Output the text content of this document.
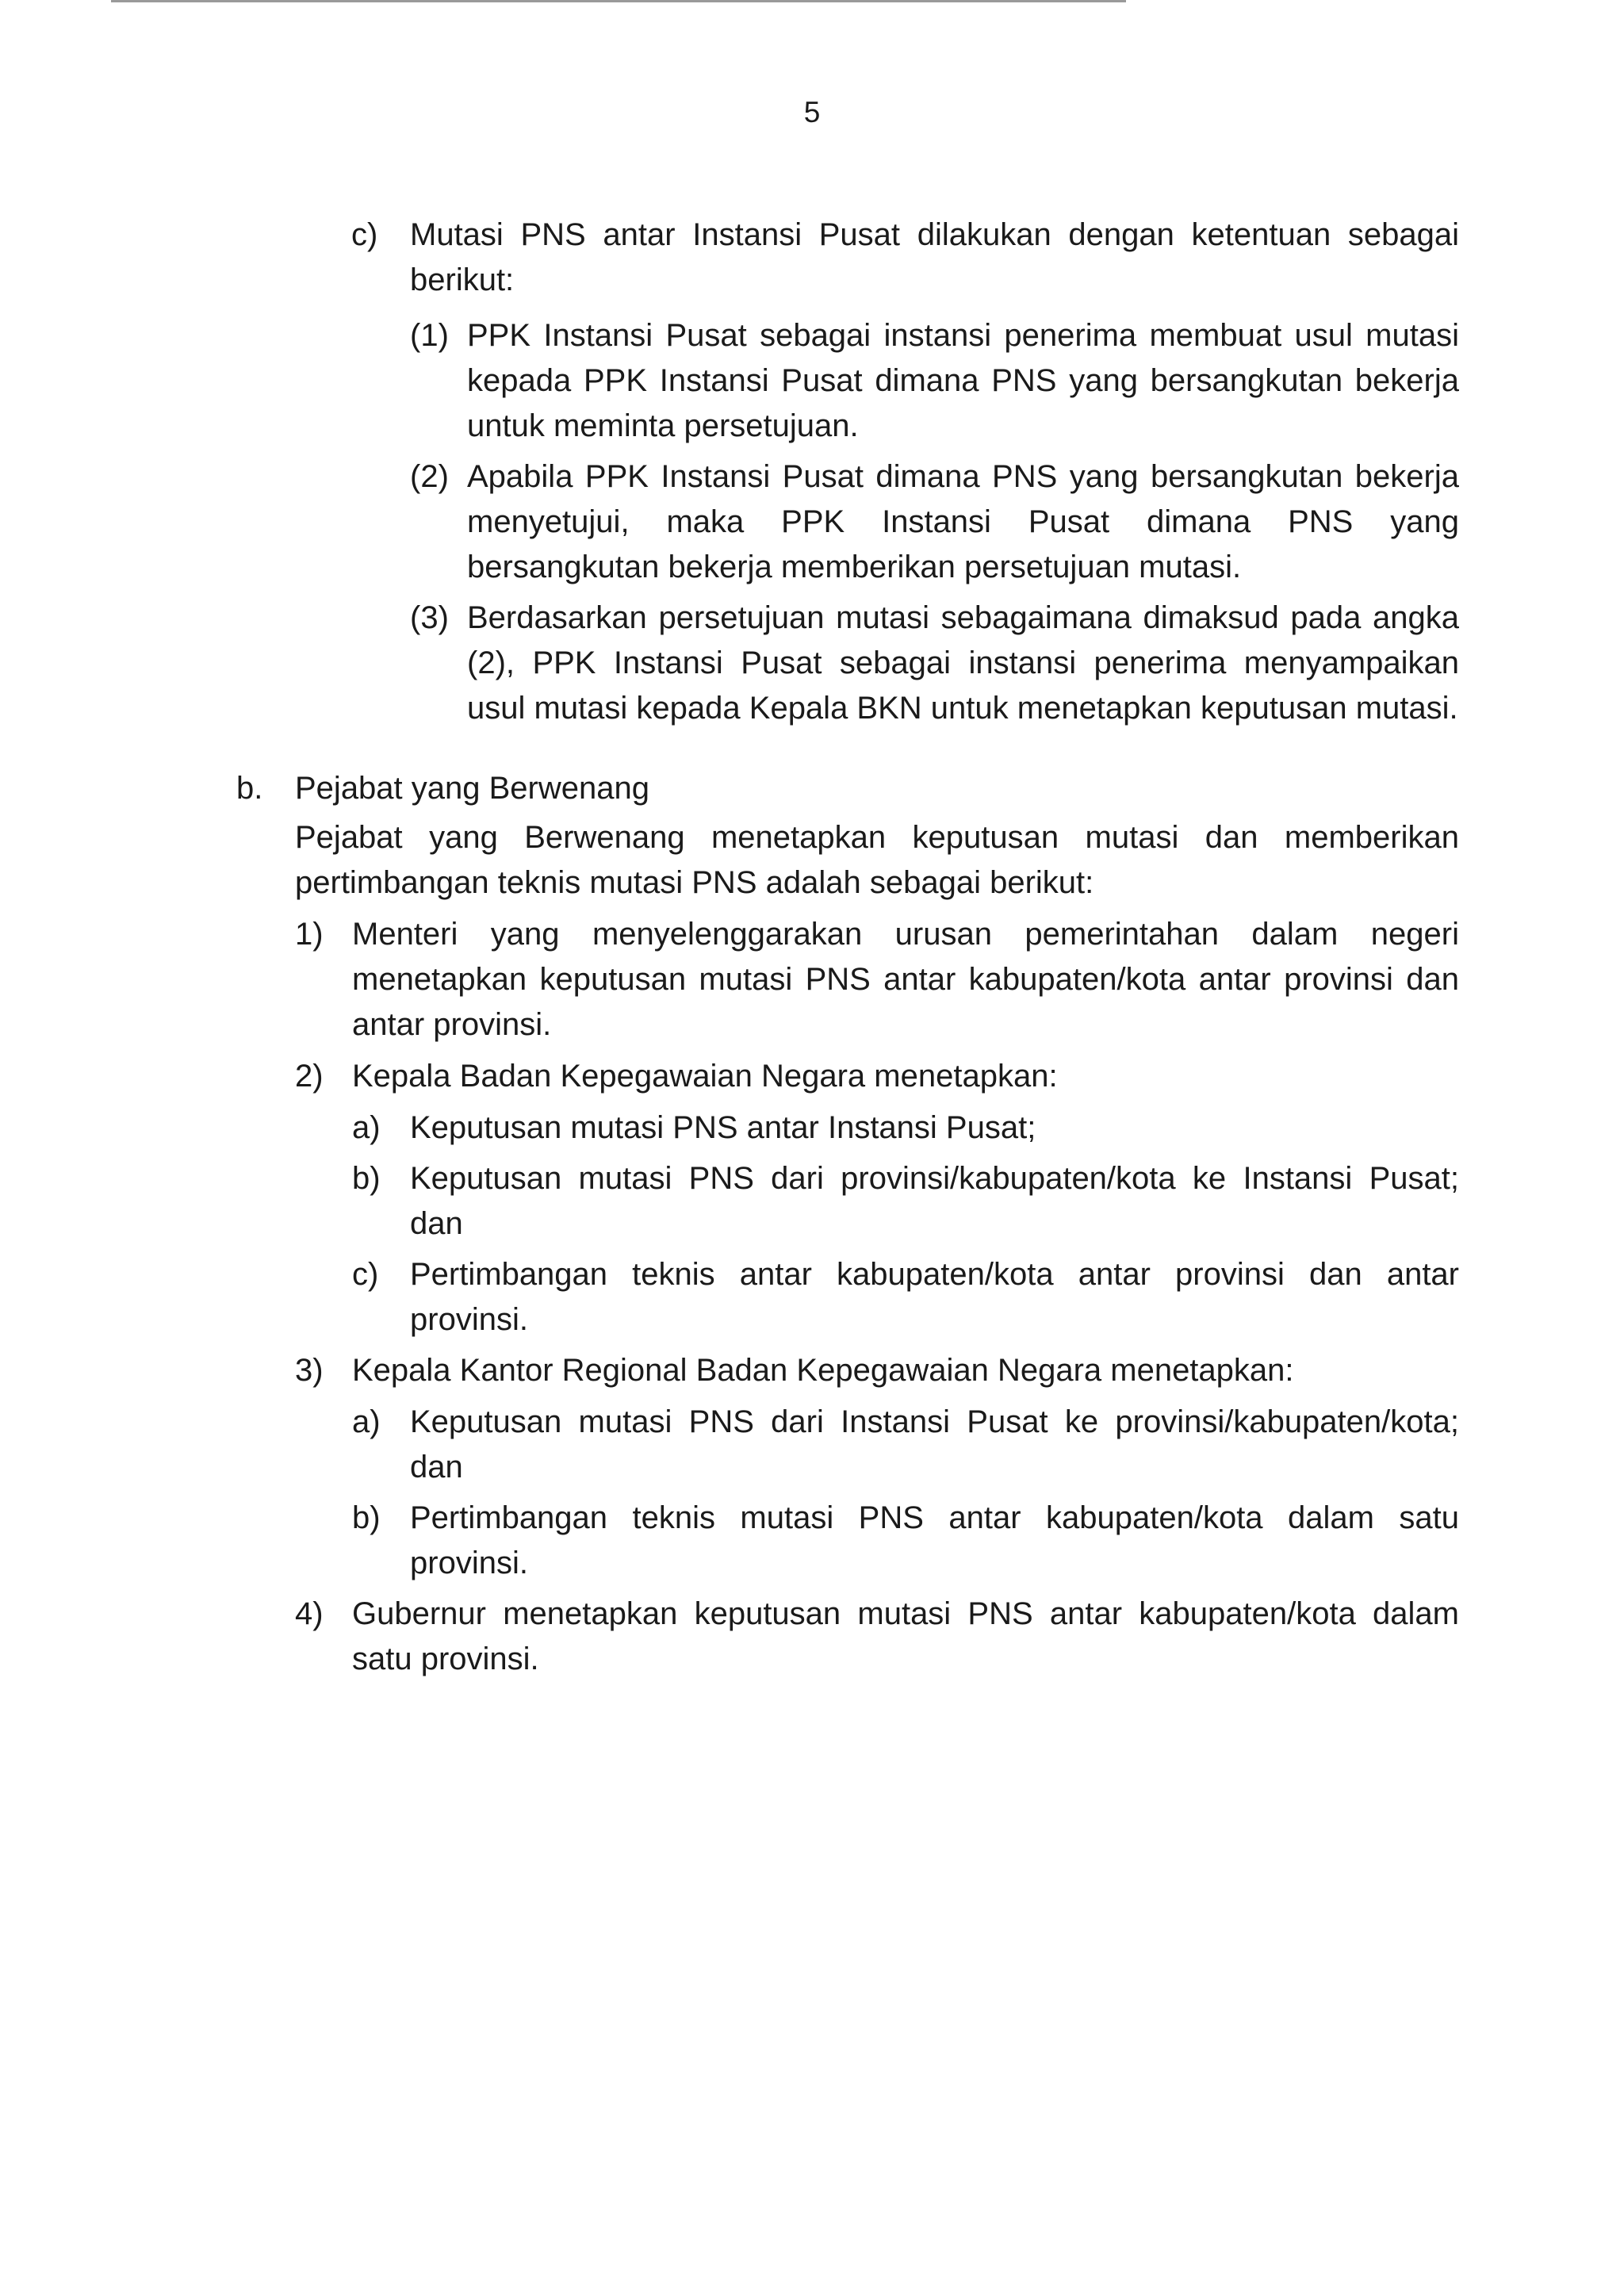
5
c) Mutasi PNS antar Instansi Pusat dilakukan dengan ketentuan sebagai berikut:
(1) PPK Instansi Pusat sebagai instansi penerima membuat usul mutasi kepada PPK Instansi Pusat dimana PNS yang bersangkutan bekerja untuk meminta persetujuan.
(2) Apabila PPK Instansi Pusat dimana PNS yang bersangkutan bekerja menyetujui, maka PPK Instansi Pusat dimana PNS yang bersangkutan bekerja memberikan persetujuan mutasi.
(3) Berdasarkan persetujuan mutasi sebagaimana dimaksud pada angka (2), PPK Instansi Pusat sebagai instansi penerima menyampaikan usul mutasi kepada Kepala BKN untuk menetapkan keputusan mutasi.
b. Pejabat yang Berwenang
Pejabat yang Berwenang menetapkan keputusan mutasi dan memberikan pertimbangan teknis mutasi PNS adalah sebagai berikut:
1) Menteri yang menyelenggarakan urusan pemerintahan dalam negeri menetapkan keputusan mutasi PNS antar kabupaten/kota antar provinsi dan antar provinsi.
2) Kepala Badan Kepegawaian Negara menetapkan:
a) Keputusan mutasi PNS antar Instansi Pusat;
b) Keputusan mutasi PNS dari provinsi/kabupaten/kota ke Instansi Pusat; dan
c) Pertimbangan teknis antar kabupaten/kota antar provinsi dan antar provinsi.
3) Kepala Kantor Regional Badan Kepegawaian Negara menetapkan:
a) Keputusan mutasi PNS dari Instansi Pusat ke provinsi/kabupaten/kota; dan
b) Pertimbangan teknis mutasi PNS antar kabupaten/kota dalam satu provinsi.
4) Gubernur menetapkan keputusan mutasi PNS antar kabupaten/kota dalam satu provinsi.
